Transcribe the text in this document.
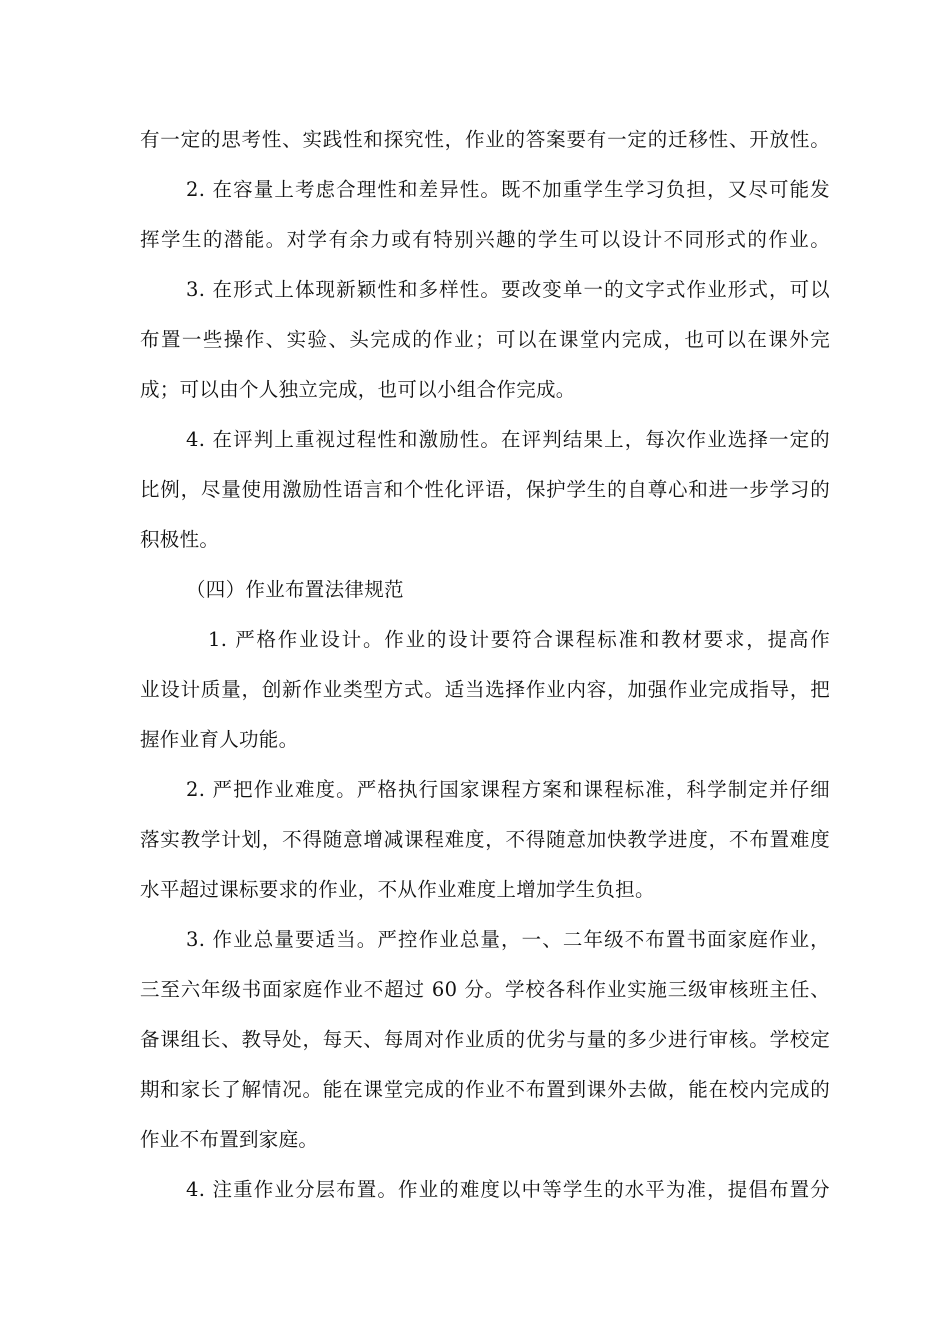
有一定的思考性、实践性和探究性，作业的答案要有一定的迁移性、开放性。
2. 在容量上考虑合理性和差异性。既不加重学生学习负担，又尽可能发
挥学生的潜能。对学有余力或有特别兴趣的学生可以设计不同形式的作业。
3. 在形式上体现新颖性和多样性。要改变单一的文字式作业形式，可以
布置一些操作、实验、头完成的作业；可以在课堂内完成，也可以在课外完
成；可以由个人独立完成，也可以小组合作完成。
4. 在评判上重视过程性和激励性。在评判结果上，每次作业选择一定的
比例，尽量使用激励性语言和个性化评语，保护学生的自尊心和进一步学习的
积极性。
（四）作业布置法律规范
1. 严格作业设计。作业的设计要符合课程标准和教材要求，提高作
业设计质量，创新作业类型方式。适当选择作业内容，加强作业完成指导，把
握作业育人功能。
2. 严把作业难度。严格执行国家课程方案和课程标准，科学制定并仔细
落实教学计划，不得随意增减课程难度，不得随意加快教学进度，不布置难度
水平超过课标要求的作业，不从作业难度上增加学生负担。
3. 作业总量要适当。严控作业总量，一、二年级不布置书面家庭作业，
三至六年级书面家庭作业不超过 60 分。学校各科作业实施三级审核班主任、
备课组长、教导处，每天、每周对作业质的优劣与量的多少进行审核。学校定
期和家长了解情况。能在课堂完成的作业不布置到课外去做，能在校内完成的
作业不布置到家庭。
4. 注重作业分层布置。作业的难度以中等学生的水平为准，提倡布置分
